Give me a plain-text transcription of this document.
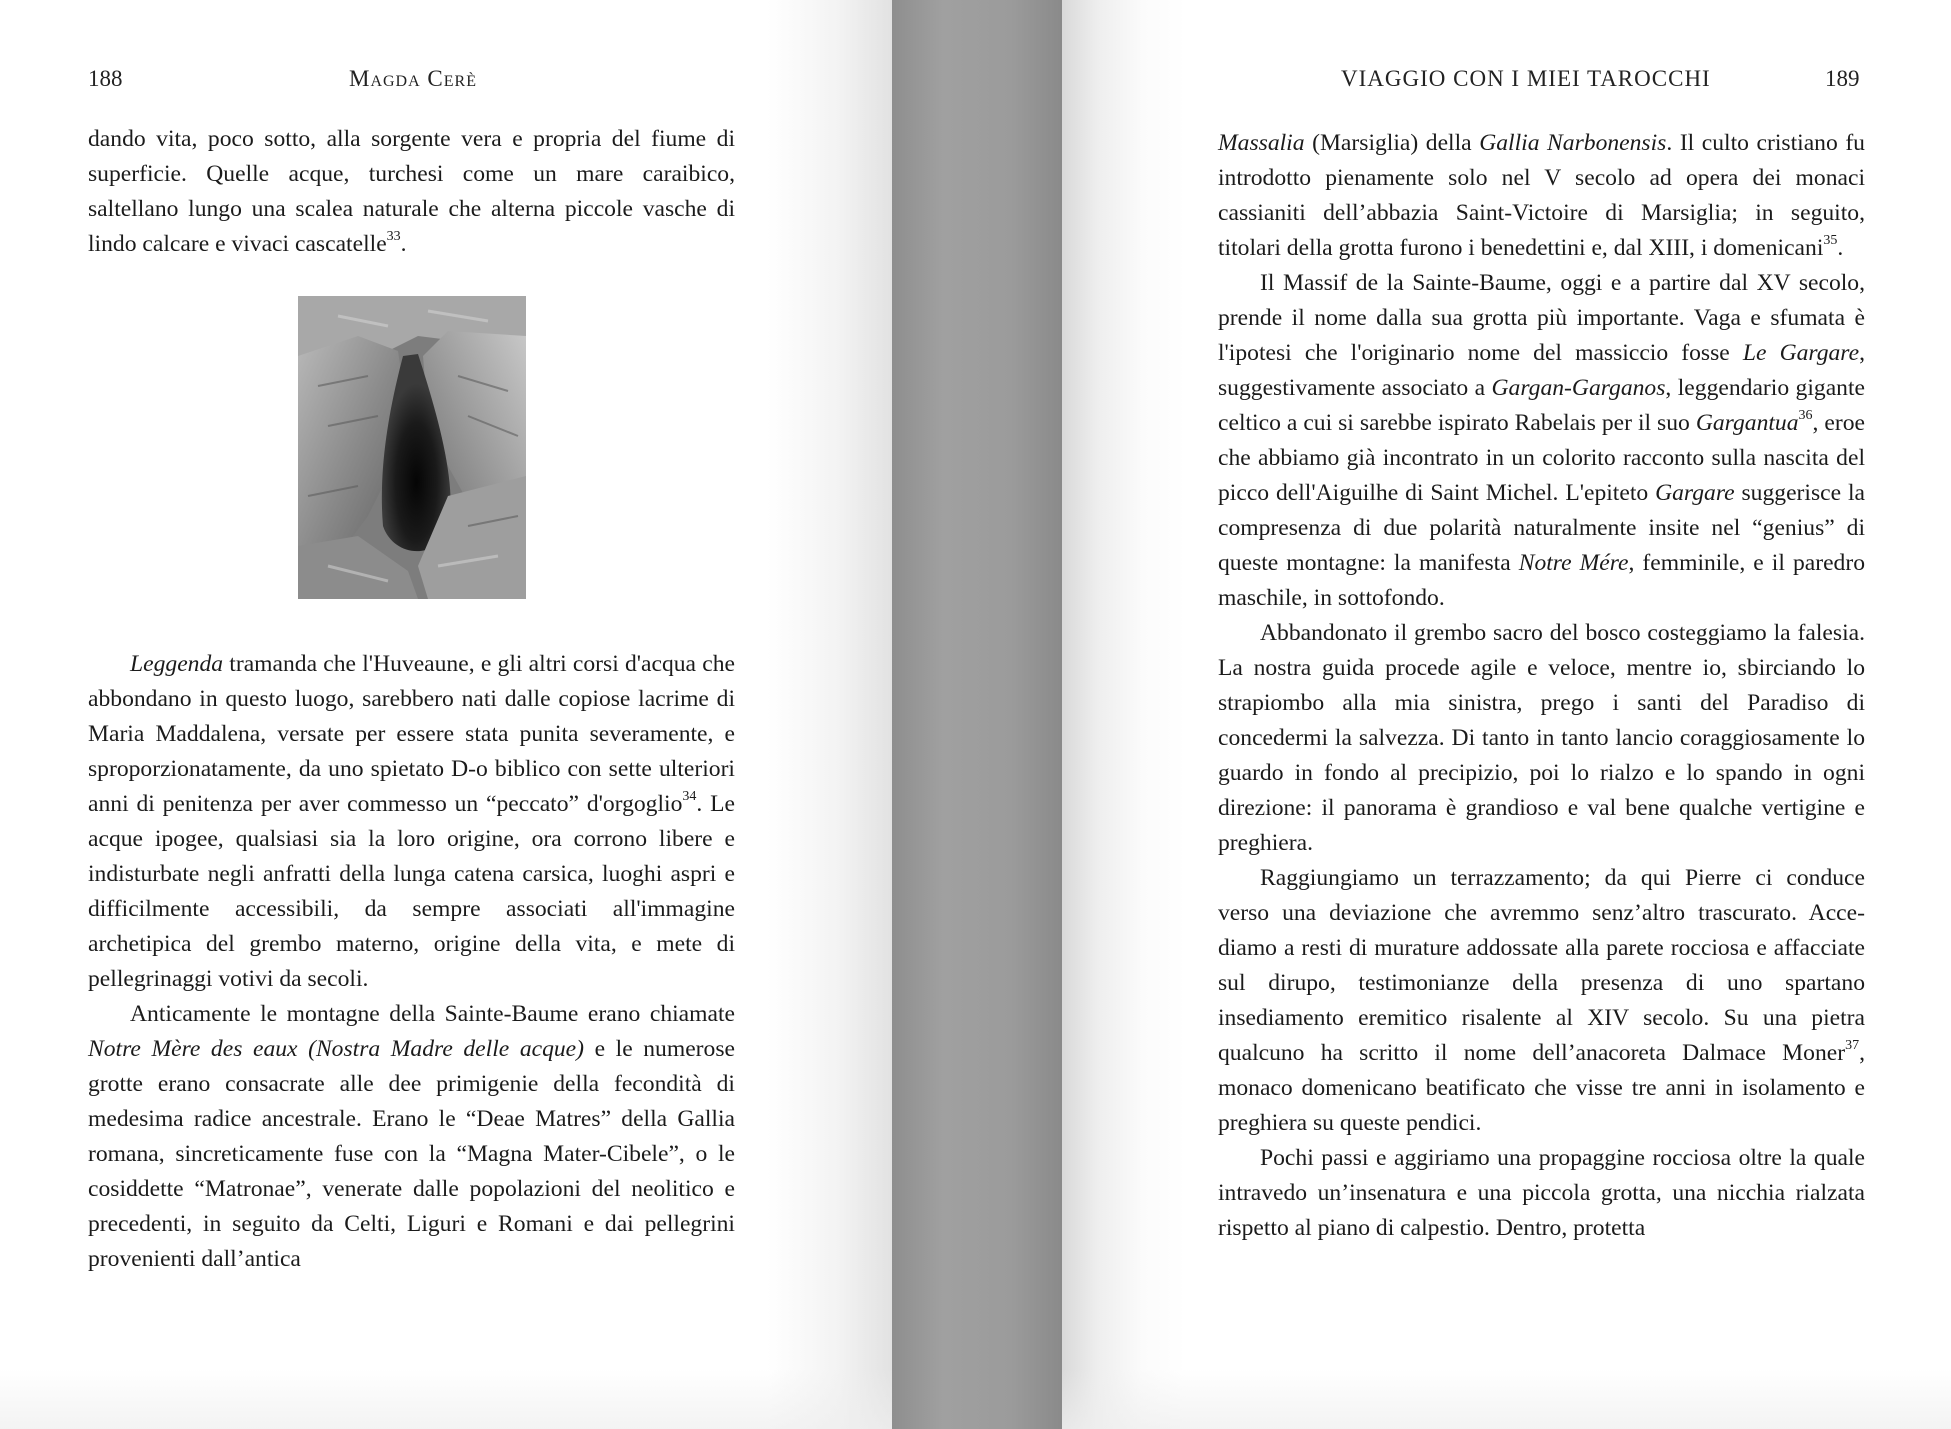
188	Magda Cerè

dando vita, poco sotto, alla sorgente vera e propria del fiume di superficie. Quelle acque, turchesi come un mare caraibico, saltellano lungo una scalea naturale che alterna piccole vasche di lindo calcare e vivaci cascatelle$^{33}$.

Leggenda tramanda che l'Huveaune, e gli altri corsi d'acqua che abbondano in questo luogo, sarebbero nati dalle copiose lacrime di Maria Maddalena, versate per essere stata punita severamente, e sproporzionatamente, da uno spietato D-o biblico con sette ulteriori anni di penitenza per aver commesso un “peccato” d'orgoglio$^{34}$. Le acque ipogee, qualsiasi sia la loro origine, ora corrono libere e indisturbate negli anfratti della lunga catena carsica, luoghi aspri e difficilmente accessibili, da sempre associati all'immagine archetipica del grembo materno, origine della vita, e mete di pellegrinaggi votivi da secoli.

Anticamente le montagne della Sainte-Baume erano chiamate Notre Mère des eaux (Nostra Madre delle acque) e le numerose grotte erano consacrate alle dee primigenie della fecondità di medesima radice ancestrale. Erano le “Deae Matres” della Gallia romana, sincreticamente fuse con la “Magna Mater-Cibele”, o le cosiddette “Matronae”, venerate dalle popolazioni del neolitico e precedenti, in seguito da Celti, Liguri e Romani e dai pellegrini provenienti dall’antica

VIAGGIO CON I MIEI TAROCCHI	189

Massalia (Marsiglia) della Gallia Narbonensis. Il culto cristiano fu introdotto pienamente solo nel V secolo ad opera dei monaci cassianiti dell’abbazia Saint-Victoire di Marsiglia; in seguito, titolari della grotta furono i benedettini e, dal XIII, i domenicani$^{35}$.

Il Massif de la Sainte-Baume, oggi e a partire dal XV secolo, prende il nome dalla sua grotta più importante. Vaga e sfumata è l'ipotesi che l'originario nome del massiccio fosse Le Gargare, suggestivamente associato a Gargan-Garganos, leggendario gigante celtico a cui si sarebbe ispirato Rabelais per il suo Gargantua$^{36}$, eroe che abbiamo già incontrato in un colorito racconto sulla nascita del picco dell'Aiguilhe di Saint Michel. L'epiteto Gargare suggerisce la compresenza di due polarità naturalmente insite nel “genius” di queste montagne: la manifesta Notre Mére, femminile, e il paredro maschile, in sottofondo.

Abbandonato il grembo sacro del bosco costeggiamo la falesia. La nostra guida procede agile e veloce, mentre io, sbirciando lo strapiombo alla mia sinistra, prego i santi del Paradiso di concedermi la salvezza. Di tanto in tanto lancio coraggiosamente lo guardo in fondo al precipizio, poi lo rialzo e lo spando in ogni direzione: il panorama è grandioso e val bene qualche vertigine e preghiera.

Raggiungiamo un terrazzamento; da qui Pierre ci conduce verso una deviazione che avremmo senz’altro trascurato. Accediamo a resti di murature addossate alla parete rocciosa e affacciate sul dirupo, testimonianze della presenza di uno spartano insediamento eremitico risalente al XIV secolo. Su una pietra qualcuno ha scritto il nome dell’anacoreta Dalmace Moner$^{37}$, monaco domenicano beatificato che visse tre anni in isolamento e preghiera su queste pendici.

Pochi passi e aggiriamo una propaggine rocciosa oltre la quale intravedo un’insenatura e una piccola grotta, una nicchia rialzata rispetto al piano di calpestio. Dentro, protetta
